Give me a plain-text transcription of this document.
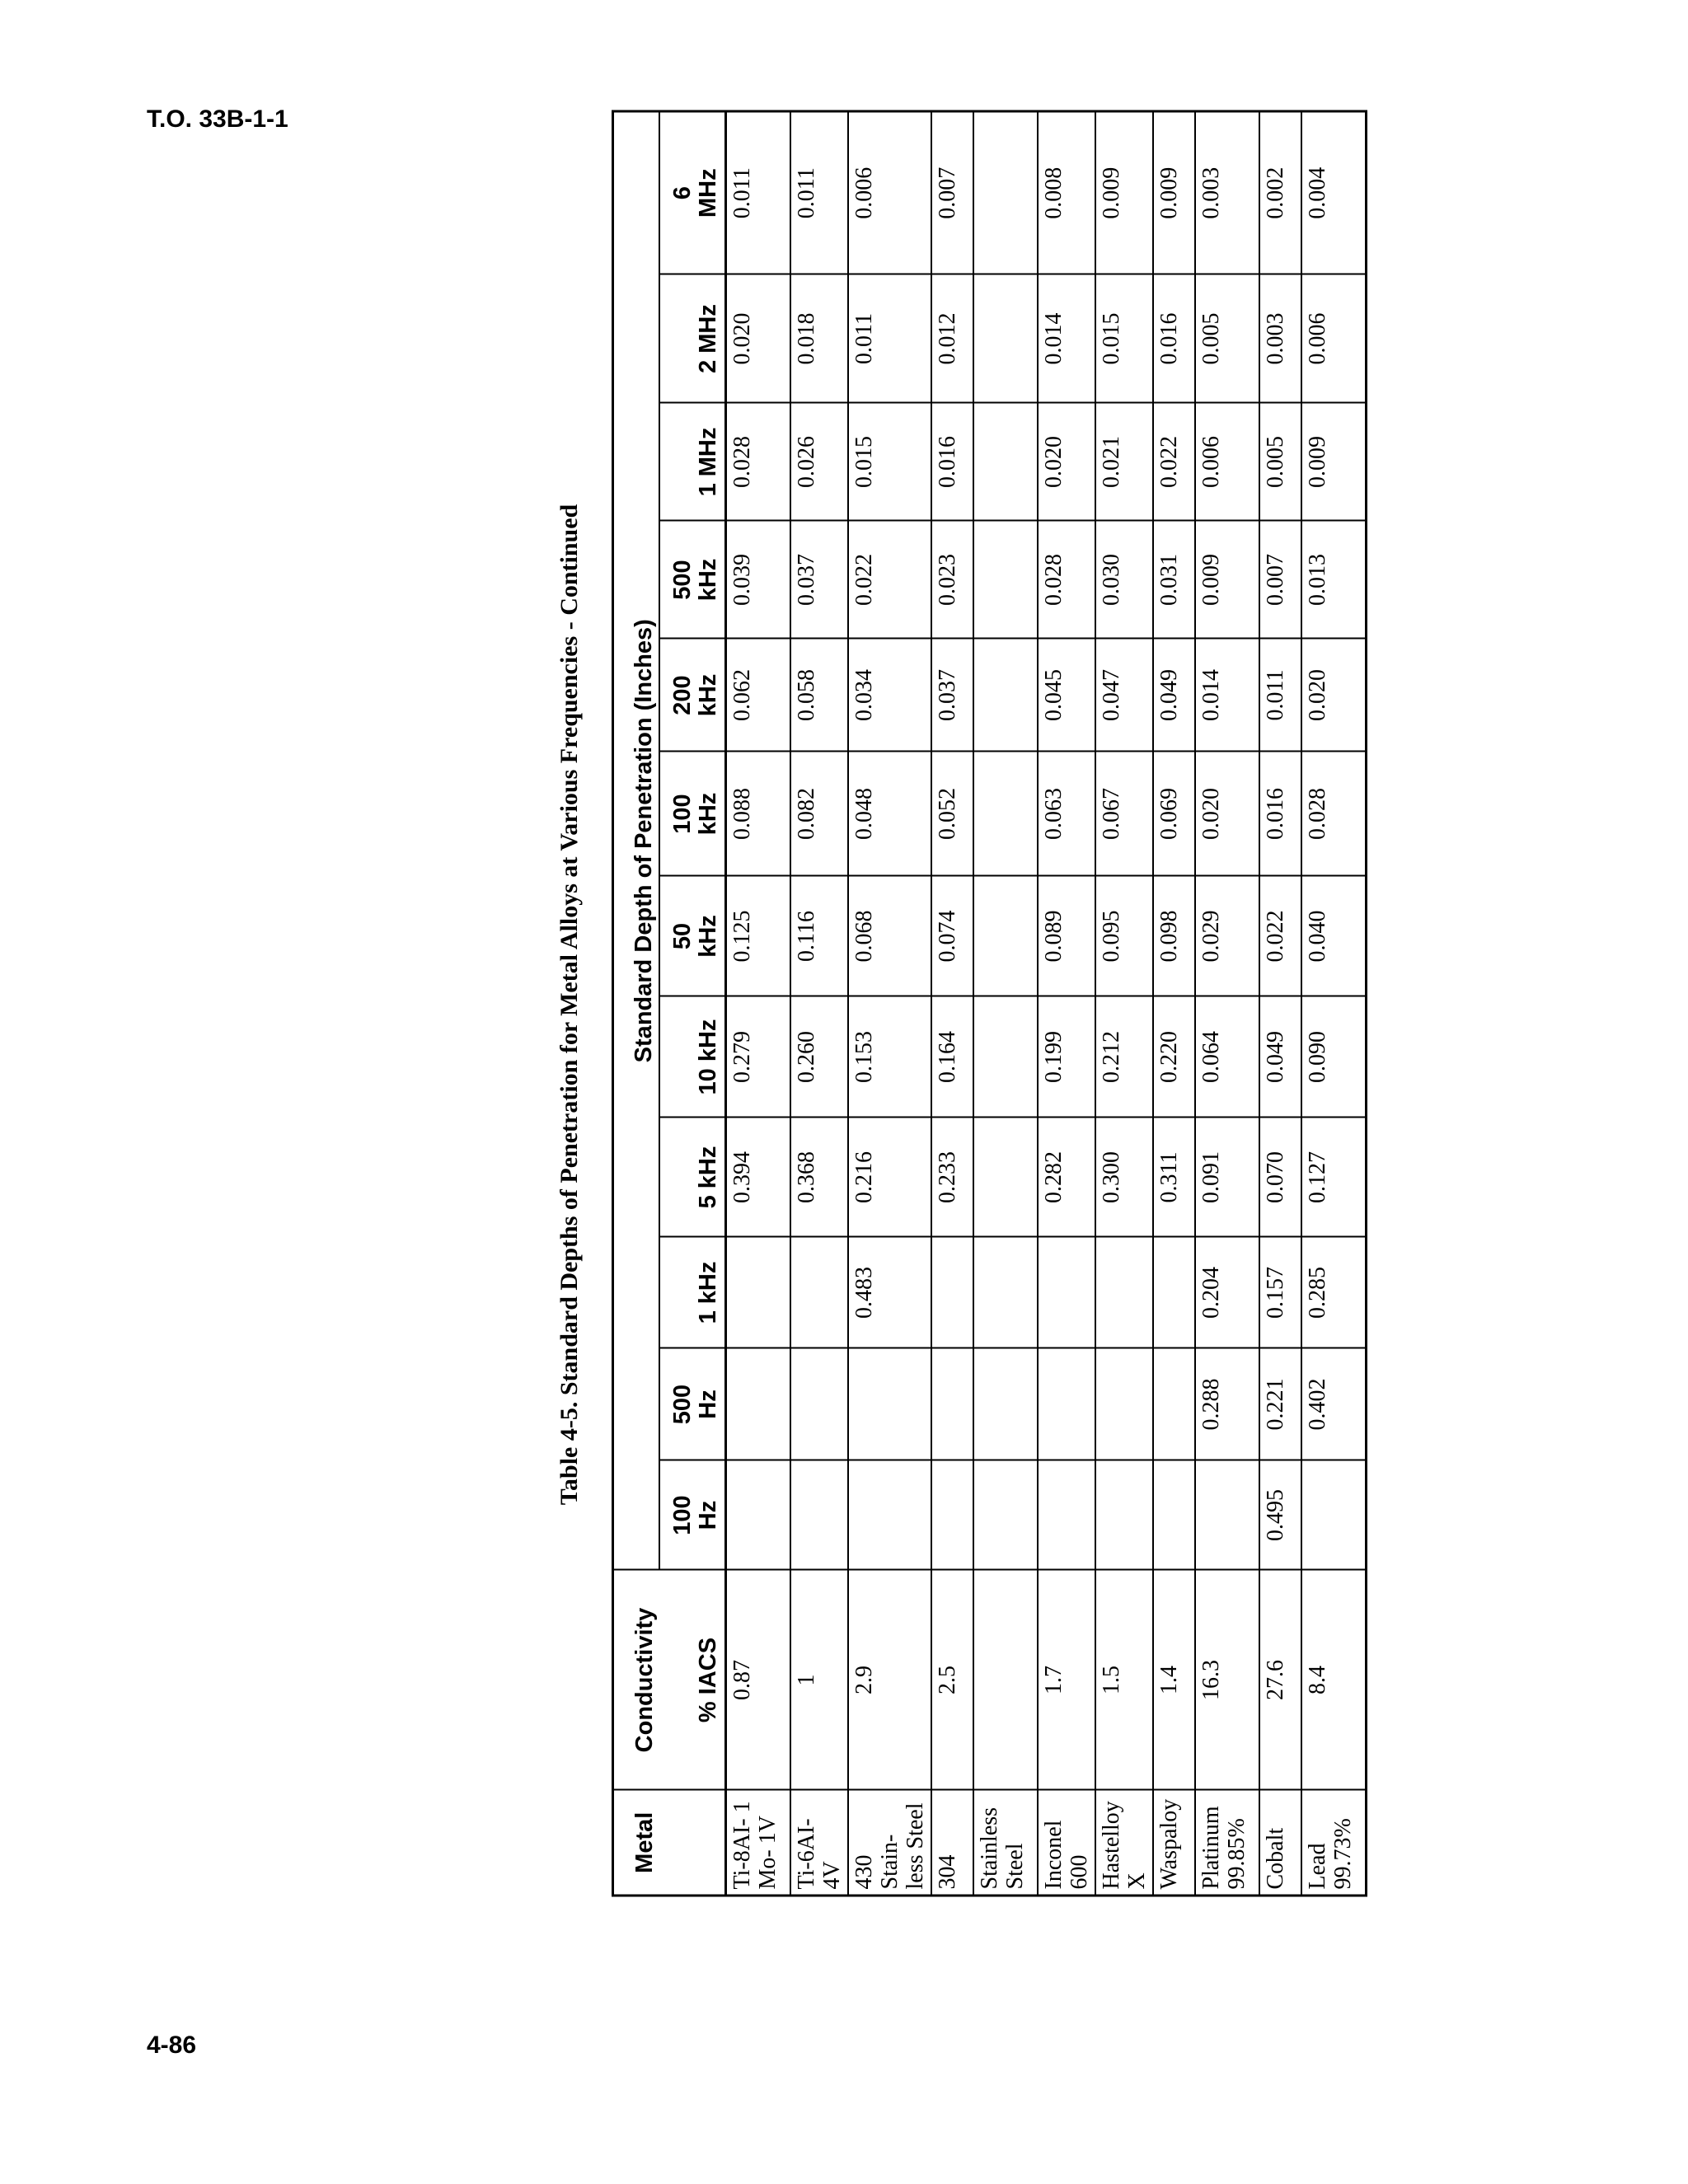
T.O. 33B-1-1

Table 4-5. Standard Depths of Penetration for Metal Alloys at Various Frequencies - Continued

Metal	Conductivity	Standard Depth of Penetration (Inches)											
	% IACS	100 Hz	500 Hz	1 kHz	5 kHz	10 kHz	50 kHz	100 kHz	200 kHz	500 kHz	1 MHz	2 MHz	6 MHz

Ti-8AI- 1 Mo- 1V	0.87				0.394	0.279	0.125	0.088	0.062	0.039	0.028	0.020	0.011

Ti-6AI- 4V	1				0.368	0.260	0.116	0.082	0.058	0.037	0.026	0.018	0.011

430 Stain- less Steel	2.9			0.483	0.216	0.153	0.068	0.048	0.034	0.022	0.015	0.011	0.006

304	2.5				0.233	0.164	0.074	0.052	0.037	0.023	0.016	0.012	0.007

Stainless Steel													

Inconel 600	1.7				0.282	0.199	0.089	0.063	0.045	0.028	0.020	0.014	0.008

Hastelloy X	1.5				0.300	0.212	0.095	0.067	0.047	0.030	0.021	0.015	0.009

Waspaloy	1.4				0.311	0.220	0.098	0.069	0.049	0.031	0.022	0.016	0.009

Platinum 99.85%	16.3		0.288	0.204	0.091	0.064	0.029	0.020	0.014	0.009	0.006	0.005	0.003

Cobalt	27.6	0.495	0.221	0.157	0.070	0.049	0.022	0.016	0.011	0.007	0.005	0.003	0.002

Lead 99.73%	8.4		0.402	0.285	0.127	0.090	0.040	0.028	0.020	0.013	0.009	0.006	0.004

4-86
